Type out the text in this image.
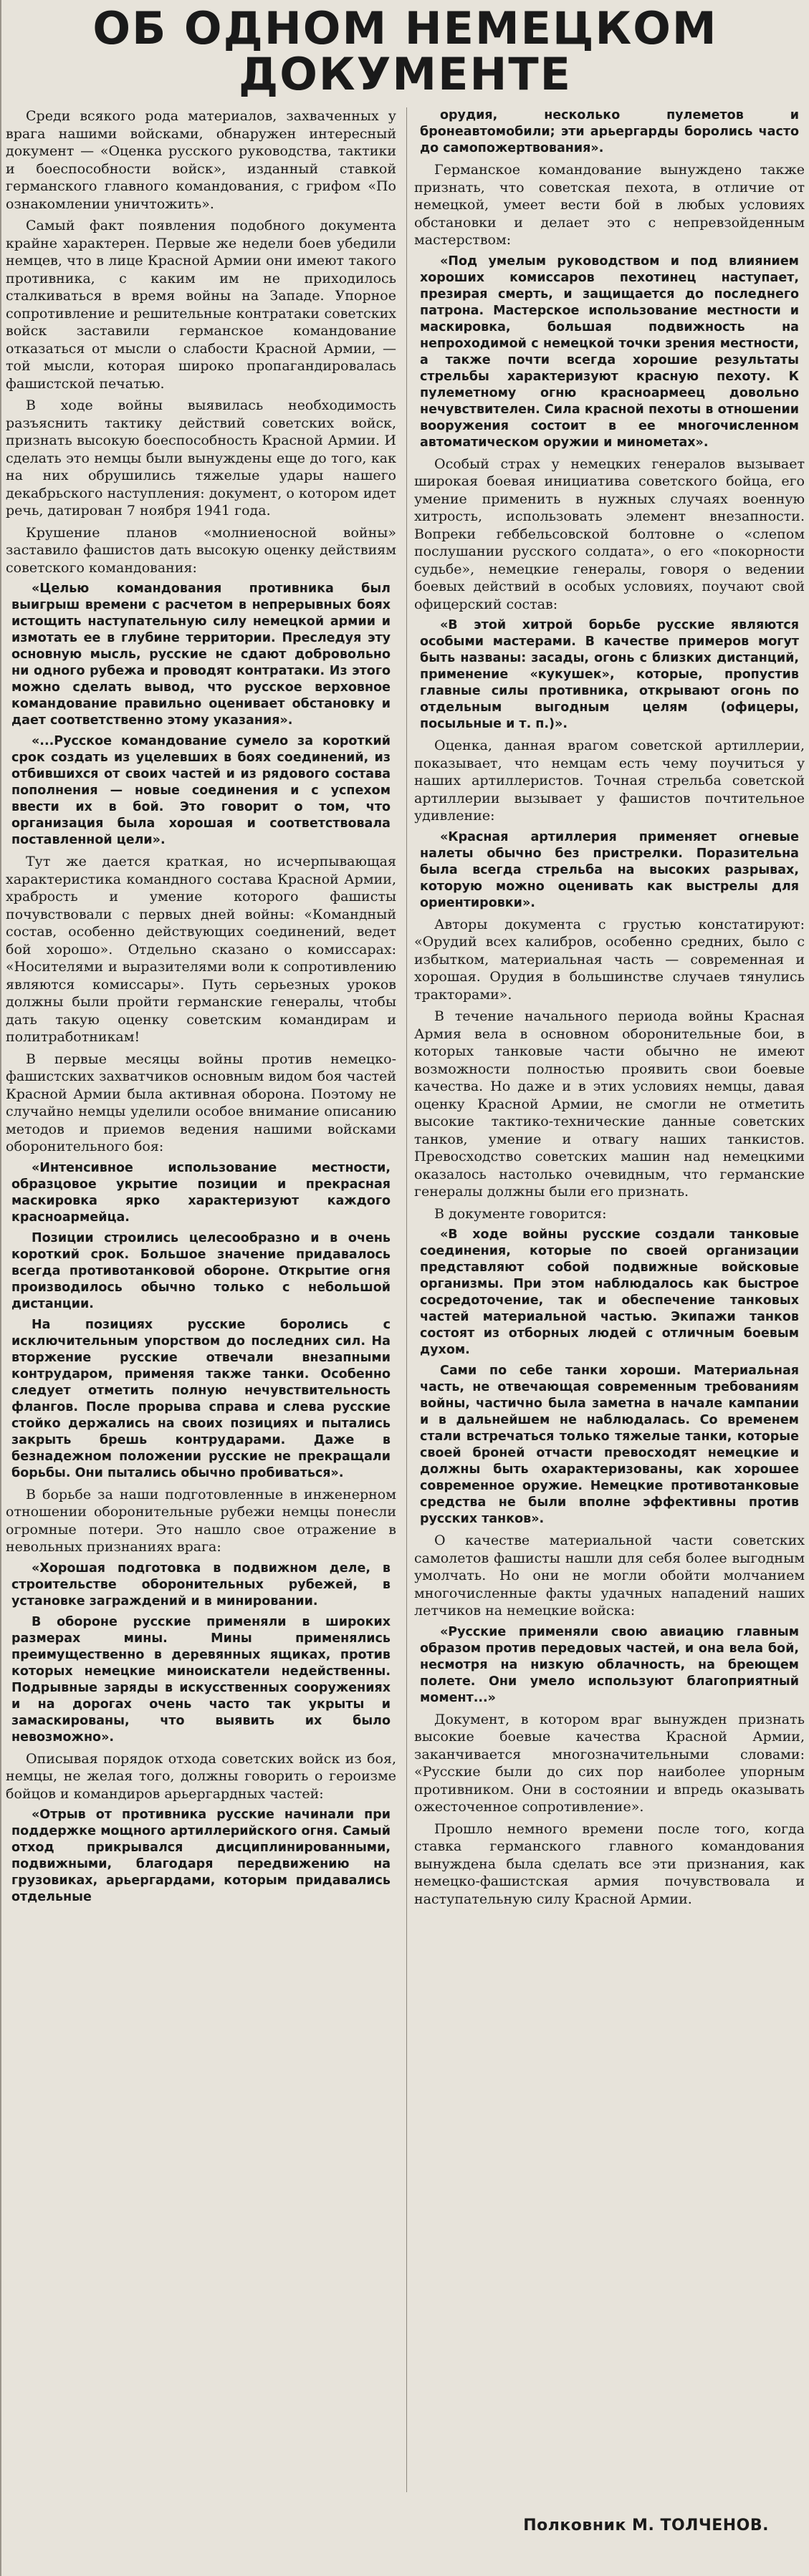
ОБ ОДНОМ НЕМЕЦКОМ
ДОКУМЕНТЕ

Среди всякого рода материалов, захваченных у врага нашими войсками, обнаружен интересный документ — «Оценка русского руководства, тактики и боеспособности войск», изданный ставкой германского главного командования, с грифом «По ознакомлении уничтожить».

Самый факт появления подобного документа крайне характерен. Первые же недели боев убедили немцев, что в лице Красной Армии они имеют такого противника, с каким им не приходилось сталкиваться в время войны на Западе. Упорное сопротивление и решительные контратаки советских войск заставили германское командование отказаться от мысли о слабости Красной Армии, — той мысли, которая широко пропагандировалась фашистской печатью.

В ходе войны выявилась необходимость разъяснить тактику действий советских войск, признать высокую боеспособность Красной Армии. И сделать это немцы были вынуждены еще до того, как на них обрушились тяжелые удары нашего декабрьского наступления: документ, о котором идет речь, датирован 7 ноября 1941 года.

Крушение планов «молниеносной войны» заставило фашистов дать высокую оценку действиям советского командования:

«Целью командования противника был выигрыш времени с расчетом в непрерывных боях истощить наступательную силу немецкой армии и измотать ее в глубине территории. Преследуя эту основную мысль, русские не сдают добровольно ни одного рубежа и проводят контратаки. Из этого можно сделать вывод, что русское верховное командование правильно оценивает обстановку и дает соответственно этому указания».

«...Русское командование сумело за короткий срок создать из уцелевших в боях соединений, из отбившихся от своих частей и из рядового состава пополнения — новые соединения и с успехом ввести их в бой. Это говорит о том, что организация была хорошая и соответствовала поставленной цели».

Тут же дается краткая, но исчерпывающая характеристика командного состава Красной Армии, храбрость и умение которого фашисты почувствовали с первых дней войны: «Командный состав, особенно действующих соединений, ведет бой хорошо». Отдельно сказано о комиссарах: «Носителями и выразителями воли к сопротивлению являются комиссары». Путь серьезных уроков должны были пройти германские генералы, чтобы дать такую оценку советским командирам и политработникам!

В первые месяцы войны против немецко-фашистских захватчиков основным видом боя частей Красной Армии была активная оборона. Поэтому не случайно немцы уделили особое внимание описанию методов и приемов ведения нашими войсками оборонительного боя:

«Интенсивное использование местности, образцовое укрытие позиции и прекрасная маскировка ярко характеризуют каждого красноармейца.

Позиции строились целесообразно и в очень короткий срок. Большое значение придавалось всегда противотанковой обороне. Открытие огня производилось обычно только с небольшой дистанции.

На позициях русские боролись с исключительным упорством до последних сил. На вторжение русские отвечали внезапными контрударом, применяя также танки. Особенно следует отметить полную нечувствительность флангов. После прорыва справа и слева русские стойко держались на своих позициях и пытались закрыть брешь контрударами. Даже в безнадежном положении русские не прекращали борьбы. Они пытались обычно пробиваться».

В борьбе за наши подготовленные в инженерном отношении оборонительные рубежи немцы понесли огромные потери. Это нашло свое отражение в невольных признаниях врага:

«Хорошая подготовка в подвижном деле, в строительстве оборонительных рубежей, в установке заграждений и в минировании.

В обороне русские применяли в широких размерах мины. Мины применялись преимущественно в деревянных ящиках, против которых немецкие миноискатели недейственны. Подрывные заряды в искусственных сооружениях и на дорогах очень часто так укрыты и замаскированы, что выявить их было невозможно».

Описывая порядок отхода советских войск из боя, немцы, не желая того, должны говорить о героизме бойцов и командиров арьергардных частей:

«Отрыв от противника русские начинали при поддержке мощного артиллерийского огня. Самый отход прикрывался дисциплинированными, подвижными, благодаря передвижению на грузовиках, арьергардами, которым придавались отдельные

орудия, несколько пулеметов и бронеавтомобили; эти арьергарды боролись часто до самопожертвования».

Германское командование вынуждено также признать, что советская пехота, в отличие от немецкой, умеет вести бой в любых условиях обстановки и делает это с непревзойденным мастерством:

«Под умелым руководством и под влиянием хороших комиссаров пехотинец наступает, презирая смерть, и защищается до последнего патрона. Мастерское использование местности и маскировка, большая подвижность на непроходимой с немецкой точки зрения местности, а также почти всегда хорошие результаты стрельбы характеризуют красную пехоту. К пулеметному огню красноармеец довольно нечувствителен. Сила красной пехоты в отношении вооружения состоит в ее многочисленном автоматическом оружии и минометах».

Особый страх у немецких генералов вызывает широкая боевая инициатива советского бойца, его умение применить в нужных случаях военную хитрость, использовать элемент внезапности. Вопреки геббельсовской болтовне о «слепом послушании русского солдата», о его «покорности судьбе», немецкие генералы, говоря о ведении боевых действий в особых условиях, поучают свой офицерский состав:

«В этой хитрой борьбе русские являются особыми мастерами. В качестве примеров могут быть названы: засады, огонь с близких дистанций, применение «кукушек», которые, пропустив главные силы противника, открывают огонь по отдельным выгодным целям (офицеры, посыльные и т. п.)».

Оценка, данная врагом советской артиллерии, показывает, что немцам есть чему поучиться у наших артиллеристов. Точная стрельба советской артиллерии вызывает у фашистов почтительное удивление:

«Красная артиллерия применяет огневые налеты обычно без пристрелки. Поразительна была всегда стрельба на высоких разрывах, которую можно оценивать как выстрелы для ориентировки».

Авторы документа с грустью констатируют: «Орудий всех калибров, особенно средних, было с избытком, материальная часть — современная и хорошая. Орудия в большинстве случаев тянулись тракторами».

В течение начального периода войны Красная Армия вела в основном оборонительные бои, в которых танковые части обычно не имеют возможности полностью проявить свои боевые качества. Но даже и в этих условиях немцы, давая оценку Красной Армии, не смогли не отметить высокие тактико-технические данные советских танков, умение и отвагу наших танкистов. Превосходство советских машин над немецкими оказалось настолько очевидным, что германские генералы должны были его признать.

В документе говорится:

«В ходе войны русские создали танковые соединения, которые по своей организации представляют собой подвижные войсковые организмы. При этом наблюдалось как быстрое сосредоточение, так и обеспечение танковых частей материальной частью. Экипажи танков состоят из отборных людей с отличным боевым духом.

Сами по себе танки хороши. Материальная часть, не отвечающая современным требованиям войны, частично была заметна в начале кампании и в дальнейшем не наблюдалась. Со временем стали встречаться только тяжелые танки, которые своей броней отчасти превосходят немецкие и должны быть охарактеризованы, как хорошее современное оружие. Немецкие противотанковые средства не были вполне эффективны против русских танков».

О качестве материальной части советских самолетов фашисты нашли для себя более выгодным умолчать. Но они не могли обойти молчанием многочисленные факты удачных нападений наших летчиков на немецкие войска:

«Русские применяли свою авиацию главным образом против передовых частей, и она вела бой, несмотря на низкую облачность, на бреющем полете. Они умело используют благоприятный момент...»

Документ, в котором враг вынужден признать высокие боевые качества Красной Армии, заканчивается многозначительными словами: «Русские были до сих пор наиболее упорным противником. Они в состоянии и впредь оказывать ожесточенное сопротивление».

Прошло немного времени после того, когда ставка германского главного командования вынуждена была сделать все эти признания, как немецко-фашистская армия почувствовала и наступательную силу Красной Армии.

Полковник М. ТОЛЧЕНОВ.
